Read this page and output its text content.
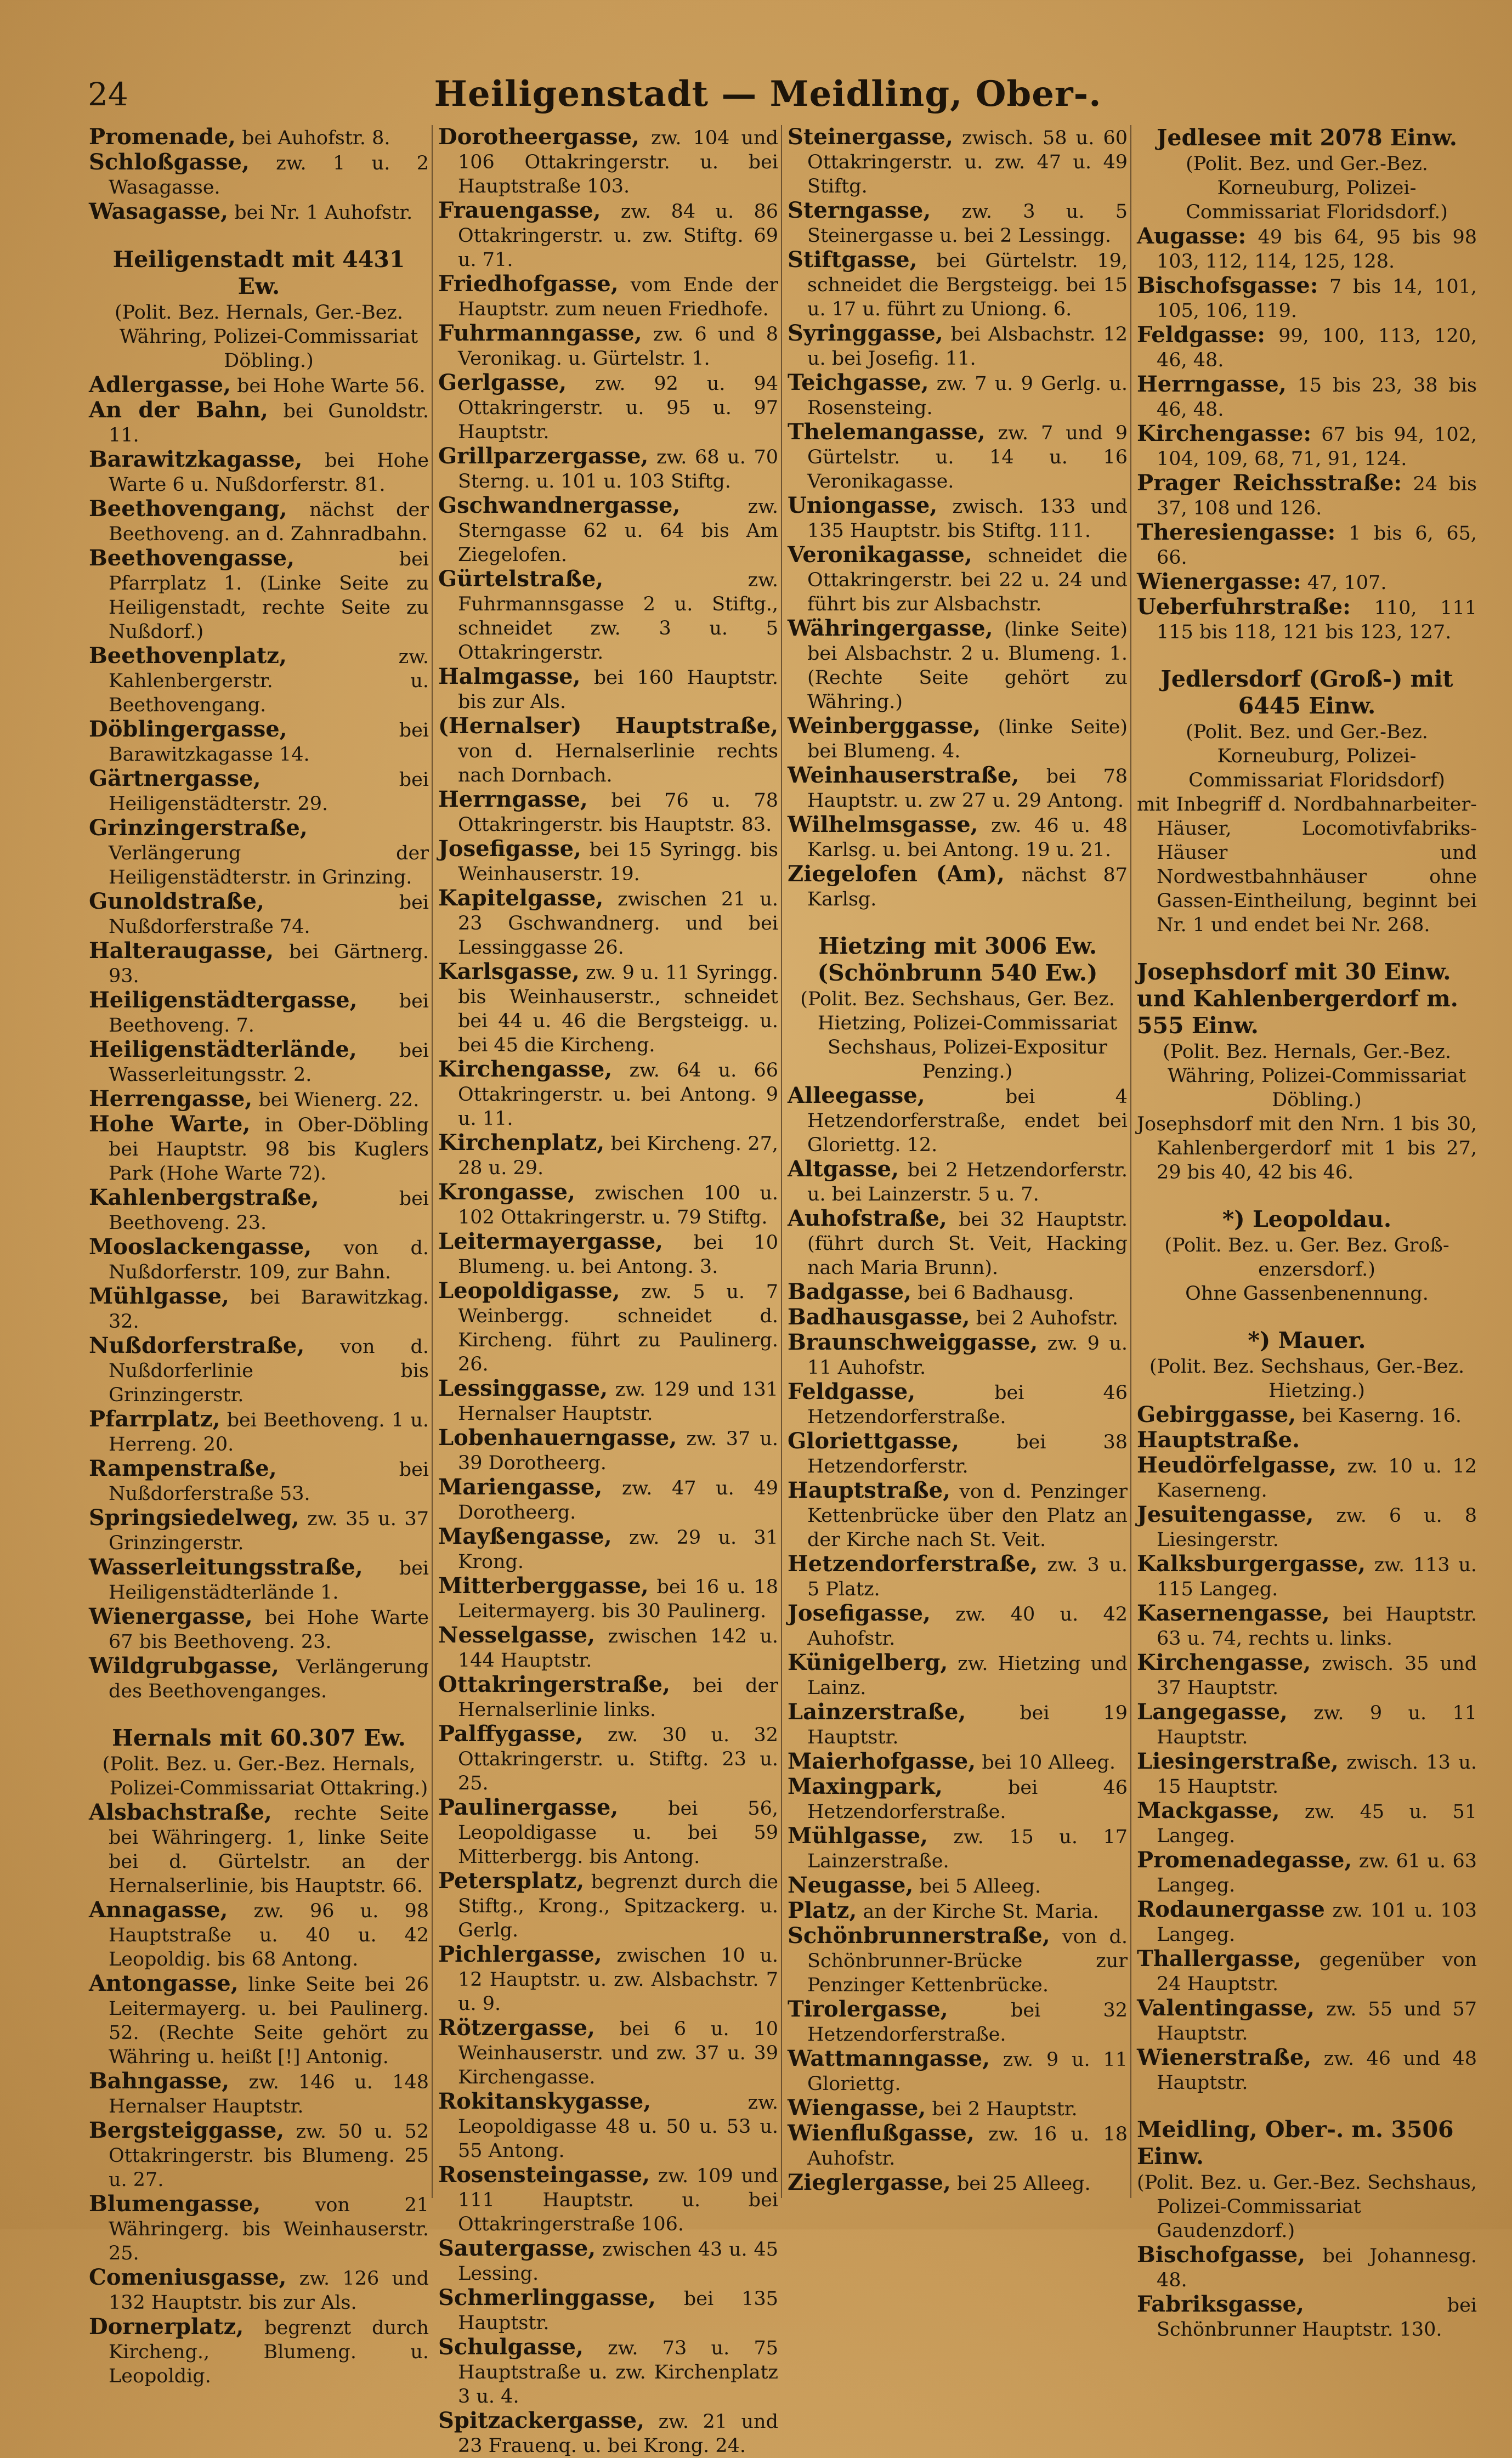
24	Heiligenstadt — Meidling, Ober-.

Promenade, bei Auhofstr. 8.

Schloßgasse, zw. 1 u. 2 Wasagasse.

Wasagasse, bei Nr. 1 Auhofstr.

Heiligenstadt mit 4431 Ew.

(Polit. Bez. Hernals, Ger.-Bez. Währing, Polizei-Commissariat Döbling.)

Adlergasse, bei Hohe Warte 56.

An der Bahn, bei Gunoldstr. 11.

Barawitzkagasse, bei Hohe Warte 6 u. Nußdorferstr. 81.

Beethovengang, nächst der Beethoveng. an d. Zahnradbahn.

Beethovengasse, bei Pfarrplatz 1. (Linke Seite zu Heiligenstadt, rechte Seite zu Nußdorf.)

Beethovenplatz, zw. Kahlenbergerstr. u. Beethovengang.

Döblingergasse, bei Barawitzkagasse 14.

Gärtnergasse, bei Heiligenstädterstr. 29.

Grinzingerstraße, Verlängerung der Heiligenstädterstr. in Grinzing.

Gunoldstraße, bei Nußdorferstraße 74.

Halteraugasse, bei Gärtnerg. 93.

Heiligenstädtergasse, bei Beethoveng. 7.

Heiligenstädterlände, bei Wasserleitungsstr. 2.

Herrengasse, bei Wienerg. 22.

Hohe Warte, in Ober-Döbling bei Hauptstr. 98 bis Kuglers Park (Hohe Warte 72).

Kahlenbergstraße, bei Beethoveng. 23.

Mooslackengasse, von d. Nußdorferstr. 109, zur Bahn.

Mühlgasse, bei Barawitzkag. 32.

Nußdorferstraße, von d. Nußdorferlinie bis Grinzingerstr.

Pfarrplatz, bei Beethoveng. 1 u. Herreng. 20.

Rampenstraße, bei Nußdorferstraße 53.

Springsiedelweg, zw. 35 u. 37 Grinzingerstr.

Wasserleitungsstraße, bei Heiligenstädterlände 1.

Wienergasse, bei Hohe Warte 67 bis Beethoveng. 23.

Wildgrubgasse, Verlängerung des Beethovenganges.

Hernals mit 60.307 Ew.

(Polit. Bez. u. Ger.-Bez. Hernals, Polizei-Commissariat Ottakring.)

Alsbachstraße, rechte Seite bei Währingerg. 1, linke Seite bei d. Gürtelstr. an der Hernalserlinie, bis Hauptstr. 66.

Annagasse, zw. 96 u. 98 Hauptstraße u. 40 u. 42 Leopoldig. bis 68 Antong.

Antongasse, linke Seite bei 26 Leitermayerg. u. bei Paulinerg. 52. (Rechte Seite gehört zu Währing u. heißt [!] Antonig.

Bahngasse, zw. 146 u. 148 Hernalser Hauptstr.

Bergsteiggasse, zw. 50 u. 52 Ottakringerstr. bis Blumeng. 25 u. 27.

Blumengasse, von 21 Währingerg. bis Weinhauserstr. 25.

Comeniusgasse, zw. 126 und 132 Hauptstr. bis zur Als.

Dornerplatz, begrenzt durch Kircheng., Blumeng. u. Leopoldig.

Dorotheergasse, zw. 104 und 106 Ottakringerstr. u. bei Hauptstraße 103.

Frauengasse, zw. 84 u. 86 Ottakringerstr. u. zw. Stiftg. 69 u. 71.

Friedhofgasse, vom Ende der Hauptstr. zum neuen Friedhofe.

Fuhrmanngasse, zw. 6 und 8 Veronikag. u. Gürtelstr. 1.

Gerlgasse, zw. 92 u. 94 Ottakringerstr. u. 95 u. 97 Hauptstr.

Grillparzergasse, zw. 68 u. 70 Sterng. u. 101 u. 103 Stiftg.

Gschwandnergasse, zw. Sterngasse 62 u. 64 bis Am Ziegelofen.

Gürtelstraße, zw. Fuhrmannsgasse 2 u. Stiftg., schneidet zw. 3 u. 5 Ottakringerstr.

Halmgasse, bei 160 Hauptstr. bis zur Als.

(Hernalser) Hauptstraße, von d. Hernalserlinie rechts nach Dornbach.

Herrngasse, bei 76 u. 78 Ottakringerstr. bis Hauptstr. 83.

Josefigasse, bei 15 Syringg. bis Weinhauserstr. 19.

Kapitelgasse, zwischen 21 u. 23 Gschwandnerg. und bei Lessinggasse 26.

Karlsgasse, zw. 9 u. 11 Syringg. bis Weinhauserstr., schneidet bei 44 u. 46 die Bergsteigg. u. bei 45 die Kircheng.

Kirchengasse, zw. 64 u. 66 Ottakringerstr. u. bei Antong. 9 u. 11.

Kirchenplatz, bei Kircheng. 27, 28 u. 29.

Krongasse, zwischen 100 u. 102 Ottakringerstr. u. 79 Stiftg.

Leitermayergasse, bei 10 Blumeng. u. bei Antong. 3.

Leopoldigasse, zw. 5 u. 7 Weinbergg. schneidet d. Kircheng. führt zu Paulinerg. 26.

Lessinggasse, zw. 129 und 131 Hernalser Hauptstr.

Lobenhauerngasse, zw. 37 u. 39 Dorotheerg.

Mariengasse, zw. 47 u. 49 Dorotheerg.

Mayßengasse, zw. 29 u. 31 Krong.

Mitterberggasse, bei 16 u. 18 Leitermayerg. bis 30 Paulinerg.

Nesselgasse, zwischen 142 u. 144 Hauptstr.

Ottakringerstraße, bei der Hernalserlinie links.

Palffygasse, zw. 30 u. 32 Ottakringerstr. u. Stiftg. 23 u. 25.

Paulinergasse, bei 56, Leopoldigasse u. bei 59 Mitterbergg. bis Antong.

Petersplatz, begrenzt durch die Stiftg., Krong., Spitzackerg. u. Gerlg.

Pichlergasse, zwischen 10 u. 12 Hauptstr. u. zw. Alsbachstr. 7 u. 9.

Rötzergasse, bei 6 u. 10 Weinhauserstr. und zw. 37 u. 39 Kirchengasse.

Rokitanskygasse, zw. Leopoldigasse 48 u. 50 u. 53 u. 55 Antong.

Rosensteingasse, zw. 109 und 111 Hauptstr. u. bei Ottakringerstraße 106.

Sautergasse, zwischen 43 u. 45 Lessing.

Schmerlinggasse, bei 135 Hauptstr.

Schulgasse, zw. 73 u. 75 Hauptstraße u. zw. Kirchenplatz 3 u. 4.

Spitzackergasse, zw. 21 und 23 Frauenq. u. bei Krong. 24.

Steinergasse, zwisch. 58 u. 60 Ottakringerstr. u. zw. 47 u. 49 Stiftg.

Sterngasse, zw. 3 u. 5 Steinergasse u. bei 2 Lessingg.

Stiftgasse, bei Gürtelstr. 19, schneidet die Bergsteigg. bei 15 u. 17 u. führt zu Uniong. 6.

Syringgasse, bei Alsbachstr. 12 u. bei Josefig. 11.

Teichgasse, zw. 7 u. 9 Gerlg. u. Rosensteing.

Thelemangasse, zw. 7 und 9 Gürtelstr. u. 14 u. 16 Veronikagasse.

Uniongasse, zwisch. 133 und 135 Hauptstr. bis Stiftg. 111.

Veronikagasse, schneidet die Ottakringerstr. bei 22 u. 24 und führt bis zur Alsbachstr.

Währingergasse, (linke Seite) bei Alsbachstr. 2 u. Blumeng. 1. (Rechte Seite gehört zu Währing.)

Weinberggasse, (linke Seite) bei Blumeng. 4.

Weinhauserstraße, bei 78 Hauptstr. u. zw 27 u. 29 Antong.

Wilhelmsgasse, zw. 46 u. 48 Karlsg. u. bei Antong. 19 u. 21.

Ziegelofen (Am), nächst 87 Karlsg.

Hietzing mit 3006 Ew. (Schönbrunn 540 Ew.)

(Polit. Bez. Sechshaus, Ger. Bez. Hietzing, Polizei-Commissariat Sechshaus, Polizei-Expositur Penzing.)

Alleegasse, bei 4 Hetzendorferstraße, endet bei Gloriettg. 12.

Altgasse, bei 2 Hetzendorferstr. u. bei Lainzerstr. 5 u. 7.

Auhofstraße, bei 32 Hauptstr. (führt durch St. Veit, Hacking nach Maria Brunn).

Badgasse, bei 6 Badhausg.

Badhausgasse, bei 2 Auhofstr.

Braunschweiggasse, zw. 9 u. 11 Auhofstr.

Feldgasse, bei 46 Hetzendorferstraße.

Gloriettgasse, bei 38 Hetzendorferstr.

Hauptstraße, von d. Penzinger Kettenbrücke über den Platz an der Kirche nach St. Veit.

Hetzendorferstraße, zw. 3 u. 5 Platz.

Josefigasse, zw. 40 u. 42 Auhofstr.

Künigelberg, zw. Hietzing und Lainz.

Lainzerstraße, bei 19 Hauptstr.

Maierhofgasse, bei 10 Alleeg.

Maxingpark, bei 46 Hetzendorferstraße.

Mühlgasse, zw. 15 u. 17 Lainzerstraße.

Neugasse, bei 5 Alleeg.

Platz, an der Kirche St. Maria.

Schönbrunnerstraße, von d. Schönbrunner-Brücke zur Penzinger Kettenbrücke.

Tirolergasse, bei 32 Hetzendorferstraße.

Wattmanngasse, zw. 9 u. 11 Gloriettg.

Wiengasse, bei 2 Hauptstr.

Wienflußgasse, zw. 16 u. 18 Auhofstr.

Zieglergasse, bei 25 Alleeg.

Jedlesee mit 2078 Einw.

(Polit. Bez. und Ger.-Bez. Korneuburg, Polizei-Commissariat Floridsdorf.)

Augasse: 49 bis 64, 95 bis 98 103, 112, 114, 125, 128.

Bischofsgasse: 7 bis 14, 101, 105, 106, 119.

Feldgasse: 99, 100, 113, 120, 46, 48.

Herrngasse, 15 bis 23, 38 bis 46, 48.

Kirchengasse: 67 bis 94, 102, 104, 109, 68, 71, 91, 124.

Prager Reichsstraße: 24 bis 37, 108 und 126.

Theresiengasse: 1 bis 6, 65, 66.

Wienergasse: 47, 107.

Ueberfuhrstraße: 110, 111 115 bis 118, 121 bis 123, 127.

Jedlersdorf (Groß-) mit 6445 Einw.

(Polit. Bez. und Ger.-Bez. Korneuburg, Polizei-Commissariat Floridsdorf)

mit Inbegriff d. Nordbahnarbeiter-Häuser, Locomotivfabriks-Häuser und Nordwestbahnhäuser ohne Gassen-Eintheilung, beginnt bei Nr. 1 und endet bei Nr. 268.

Josephsdorf mit 30 Einw. und Kahlenbergerdorf m. 555 Einw.

(Polit. Bez. Hernals, Ger.-Bez. Währing, Polizei-Commissariat Döbling.)

Josephsdorf mit den Nrn. 1 bis 30, Kahlenbergerdorf mit 1 bis 27, 29 bis 40, 42 bis 46.

*) Leopoldau.

(Polit. Bez. u. Ger. Bez. Groß-enzersdorf.)

Ohne Gassenbenennung.

*) Mauer.

(Polit. Bez. Sechshaus, Ger.-Bez. Hietzing.)

Gebirggasse, bei Kaserng. 16.

Hauptstraße.

Heudörfelgasse, zw. 10 u. 12 Kaserneng.

Jesuitengasse, zw. 6 u. 8 Liesingerstr.

Kalksburgergasse, zw. 113 u. 115 Langeg.

Kasernengasse, bei Hauptstr. 63 u. 74, rechts u. links.

Kirchengasse, zwisch. 35 und 37 Hauptstr.

Langegasse, zw. 9 u. 11 Hauptstr.

Liesingerstraße, zwisch. 13 u. 15 Hauptstr.

Mackgasse, zw. 45 u. 51 Langeg.

Promenadegasse, zw. 61 u. 63 Langeg.

Rodaunergasse zw. 101 u. 103 Langeg.

Thallergasse, gegenüber von 24 Hauptstr.

Valentingasse, zw. 55 und 57 Hauptstr.

Wienerstraße, zw. 46 und 48 Hauptstr.

Meidling, Ober-. m. 3506 Einw.

(Polit. Bez. u. Ger.-Bez. Sechshaus, Polizei-Commissariat Gaudenzdorf.)

Bischofgasse, bei Johannesg. 48.

Fabriksgasse, bei Schönbrunner Hauptstr. 130.
